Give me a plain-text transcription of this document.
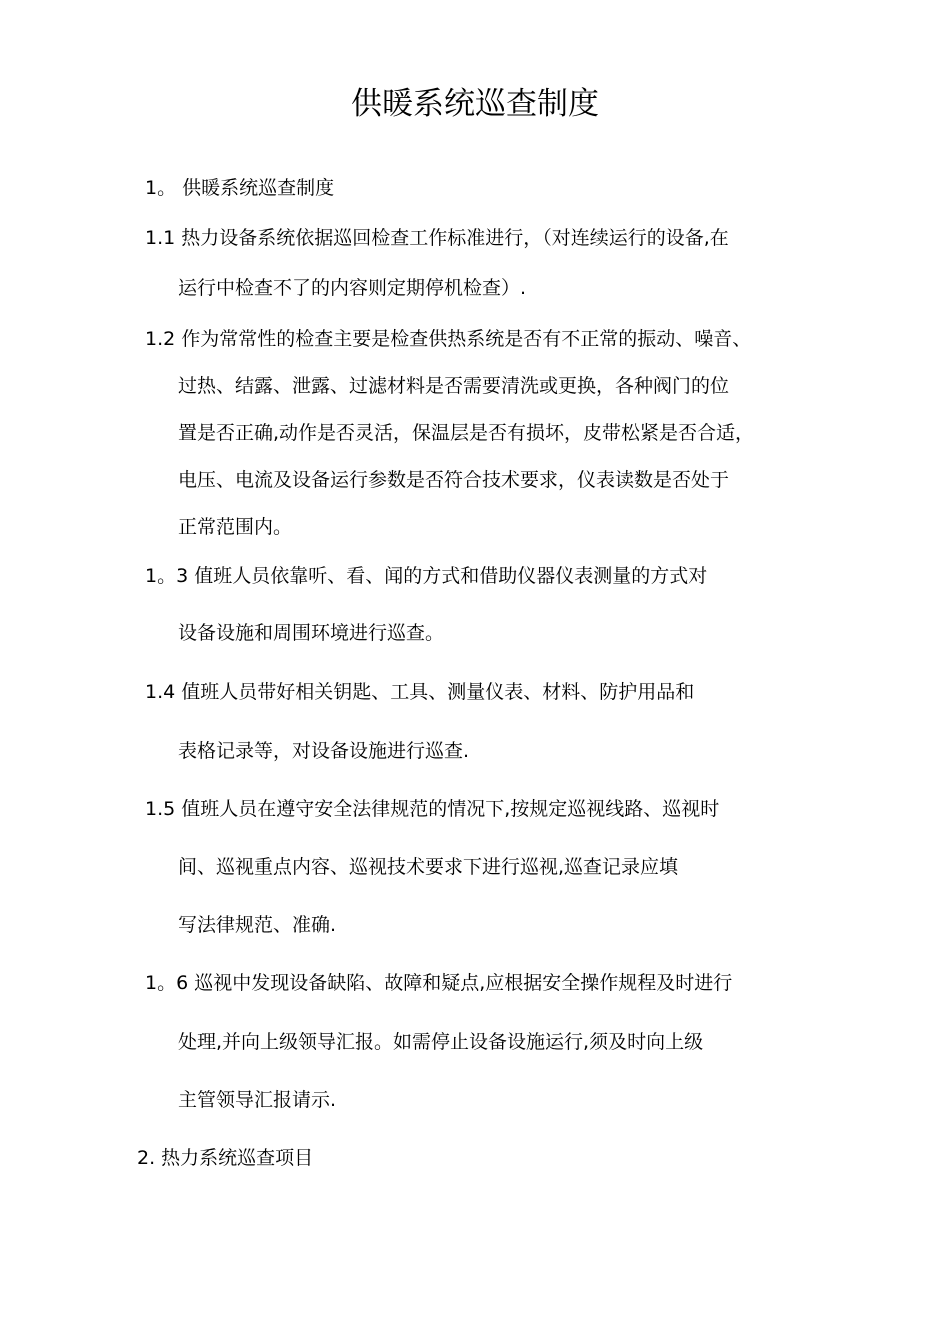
供暖系统巡查制度
1。 供暖系统巡查制度
1.1 热力设备系统依据巡回检查工作标准进行，（对连续运行的设备,在
运行中检查不了的内容则定期停机检查）.
1.2 作为常常性的检查主要是检查供热系统是否有不正常的振动、噪音、
过热、结露、泄露、过滤材料是否需要清洗或更换，各种阀门的位
置是否正确,动作是否灵活，保温层是否有损坏，皮带松紧是否合适，
电压、电流及设备运行参数是否符合技术要求，仪表读数是否处于
正常范围内。
1。3 值班人员依靠听、看、闻的方式和借助仪器仪表测量的方式对
设备设施和周围环境进行巡查。
1.4 值班人员带好相关钥匙、工具、测量仪表、材料、防护用品和
表格记录等，对设备设施进行巡查.
1.5 值班人员在遵守安全法律规范的情况下,按规定巡视线路、巡视时
间、巡视重点内容、巡视技术要求下进行巡视,巡查记录应填
写法律规范、准确.
1。6 巡视中发现设备缺陷、故障和疑点,应根据安全操作规程及时进行
处理,并向上级领导汇报。如需停止设备设施运行,须及时向上级
主管领导汇报请示.
2. 热力系统巡查项目
